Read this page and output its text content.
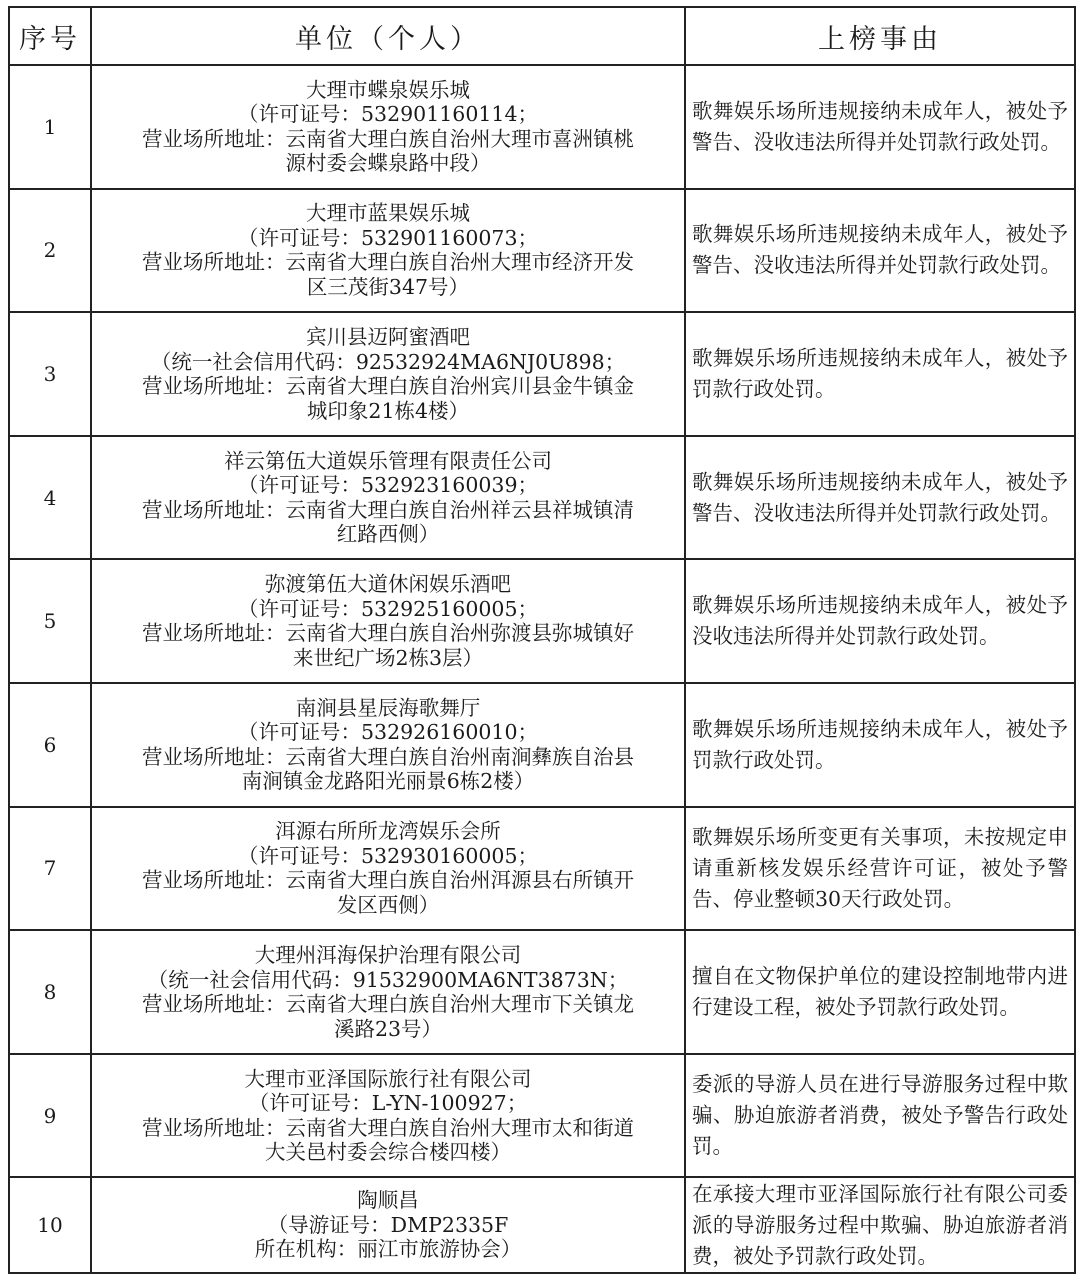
序号	单位（个人）	上榜事由
1	大理市蝶泉娱乐城
（许可证号：532901160114；
营业场所地址：云南省大理白族自治州大理市喜洲镇桃
源村委会蝶泉路中段）	歌舞娱乐场所违规接纳未成年人，被处予警告、没收违法所得并处罚款行政处罚。
2	大理市蓝果娱乐城
（许可证号：532901160073；
营业场所地址：云南省大理白族自治州大理市经济开发
区三茂街347号）	歌舞娱乐场所违规接纳未成年人，被处予警告、没收违法所得并处罚款行政处罚。
3	宾川县迈阿蜜酒吧
（统一社会信用代码：92532924MA6NJ0U898；
营业场所地址：云南省大理白族自治州宾川县金牛镇金
城印象21栋4楼）	歌舞娱乐场所违规接纳未成年人，被处予罚款行政处罚。
4	祥云第伍大道娱乐管理有限责任公司
（许可证号：532923160039；
营业场所地址：云南省大理白族自治州祥云县祥城镇清
红路西侧）	歌舞娱乐场所违规接纳未成年人，被处予警告、没收违法所得并处罚款行政处罚。
5	弥渡第伍大道休闲娱乐酒吧
（许可证号：532925160005；
营业场所地址：云南省大理白族自治州弥渡县弥城镇好
来世纪广场2栋3层）	歌舞娱乐场所违规接纳未成年人，被处予没收违法所得并处罚款行政处罚。
6	南涧县星辰海歌舞厅
（许可证号：532926160010；
营业场所地址：云南省大理白族自治州南涧彝族自治县
南涧镇金龙路阳光丽景6栋2楼）	歌舞娱乐场所违规接纳未成年人，被处予罚款行政处罚。
7	洱源右所所龙湾娱乐会所
（许可证号：532930160005；
营业场所地址：云南省大理白族自治州洱源县右所镇开
发区西侧）	歌舞娱乐场所变更有关事项，未按规定申请重新核发娱乐经营许可证，被处予警告、停业整顿30天行政处罚。
8	大理州洱海保护治理有限公司
（统一社会信用代码：91532900MA6NT3873N；
营业场所地址：云南省大理白族自治州大理市下关镇龙
溪路23号）	擅自在文物保护单位的建设控制地带内进行建设工程，被处予罚款行政处罚。
9	大理市亚泽国际旅行社有限公司
（许可证号：L-YN-100927；
营业场所地址：云南省大理白族自治州大理市太和街道
大关邑村委会综合楼四楼）	委派的导游人员在进行导游服务过程中欺骗、胁迫旅游者消费，被处予警告行政处罚。
10	陶顺昌
（导游证号：DMP2335F
所在机构：丽江市旅游协会）	在承接大理市亚泽国际旅行社有限公司委派的导游服务过程中欺骗、胁迫旅游者消费，被处予罚款行政处罚。
